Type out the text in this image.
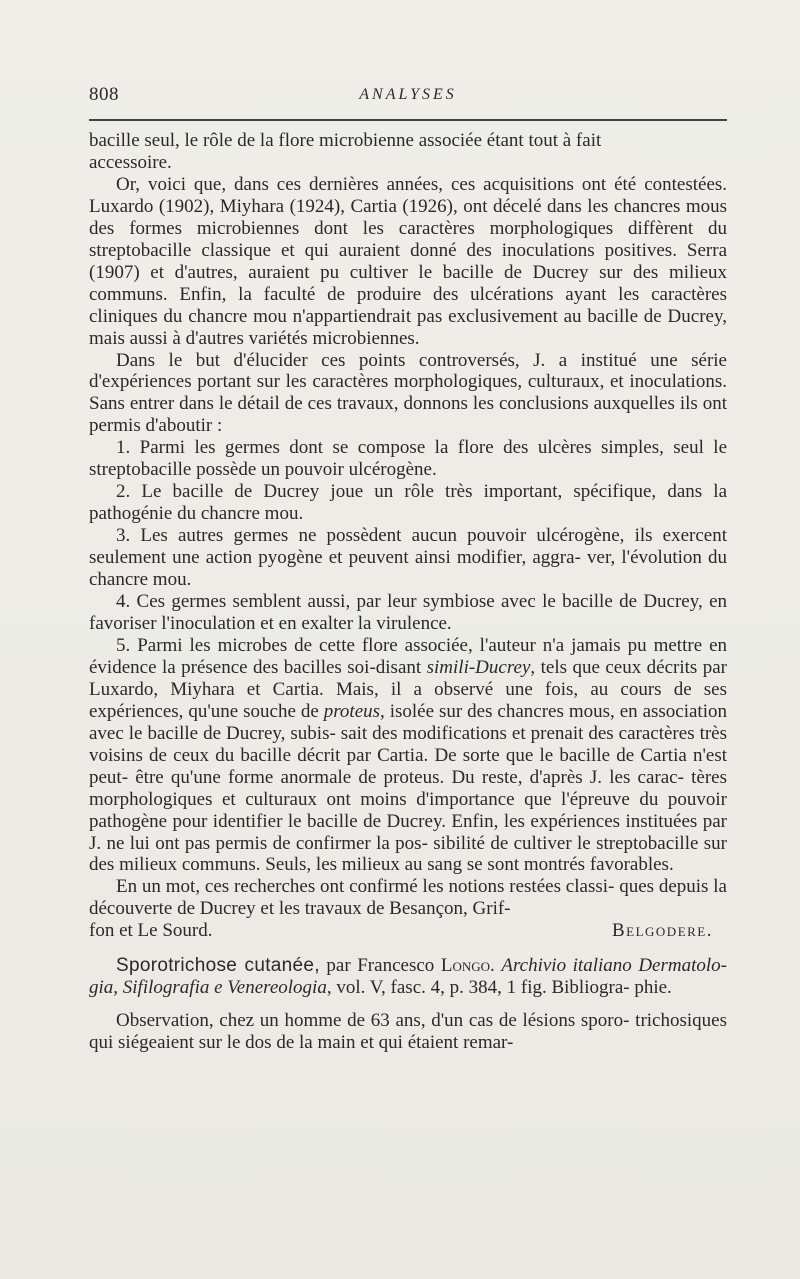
808	ANALYSES

bacille seul, le rôle de la flore microbienne associée étant tout à fait
accessoire.

Or, voici que, dans ces dernières années, ces acquisitions ont été contestées. Luxardo (1902), Miyhara (1924), Cartia (1926), ont décelé dans les chancres mous des formes microbiennes dont les caractères morphologiques diffèrent du streptobacille classique et qui auraient donné des inoculations positives. Serra (1907) et d'autres, auraient pu cultiver le bacille de Ducrey sur des milieux communs. Enfin, la faculté de produire des ulcérations ayant les caractères cliniques du chancre mou n'appartiendrait pas exclusivement au bacille de Ducrey, mais aussi à d'autres variétés microbiennes.

Dans le but d'élucider ces points controversés, J. a institué une série d'expériences portant sur les caractères morphologiques, culturaux, et inoculations. Sans entrer dans le détail de ces travaux, donnons les conclusions auxquelles ils ont permis d'aboutir :

1. Parmi les germes dont se compose la flore des ulcères simples, seul le streptobacille possède un pouvoir ulcérogène.

2. Le bacille de Ducrey joue un rôle très important, spécifique, dans la pathogénie du chancre mou.

3. Les autres germes ne possèdent aucun pouvoir ulcérogène, ils exercent seulement une action pyogène et peuvent ainsi modifier, aggra- ver, l'évolution du chancre mou.

4. Ces germes semblent aussi, par leur symbiose avec le bacille de Ducrey, en favoriser l'inoculation et en exalter la virulence.

5. Parmi les microbes de cette flore associée, l'auteur n'a jamais pu mettre en évidence la présence des bacilles soi-disant simili-Ducrey, tels que ceux décrits par Luxardo, Miyhara et Cartia. Mais, il a observé une fois, au cours de ses expériences, qu'une souche de proteus, isolée sur des chancres mous, en association avec le bacille de Ducrey, subis- sait des modifications et prenait des caractères très voisins de ceux du bacille décrit par Cartia. De sorte que le bacille de Cartia n'est peut- être qu'une forme anormale de proteus. Du reste, d'après J. les carac- tères morphologiques et culturaux ont moins d'importance que l'épreuve du pouvoir pathogène pour identifier le bacille de Ducrey. Enfin, les expériences instituées par J. ne lui ont pas permis de confirmer la pos- sibilité de cultiver le streptobacille sur des milieux communs. Seuls, les milieux au sang se sont montrés favorables.

En un mot, ces recherches ont confirmé les notions restées classi- ques depuis la découverte de Ducrey et les travaux de Besançon, Grif-

fon et Le Sourd.	Belgodere.

Sporotrichose cutanée, par Francesco Longo. Archivio italiano Dermatolo- gia, Sifilografia e Venereologia, vol. V, fasc. 4, p. 384, 1 fig. Bibliogra- phie.

Observation, chez un homme de 63 ans, d'un cas de lésions sporo- trichosiques qui siégeaient sur le dos de la main et qui étaient remar-
